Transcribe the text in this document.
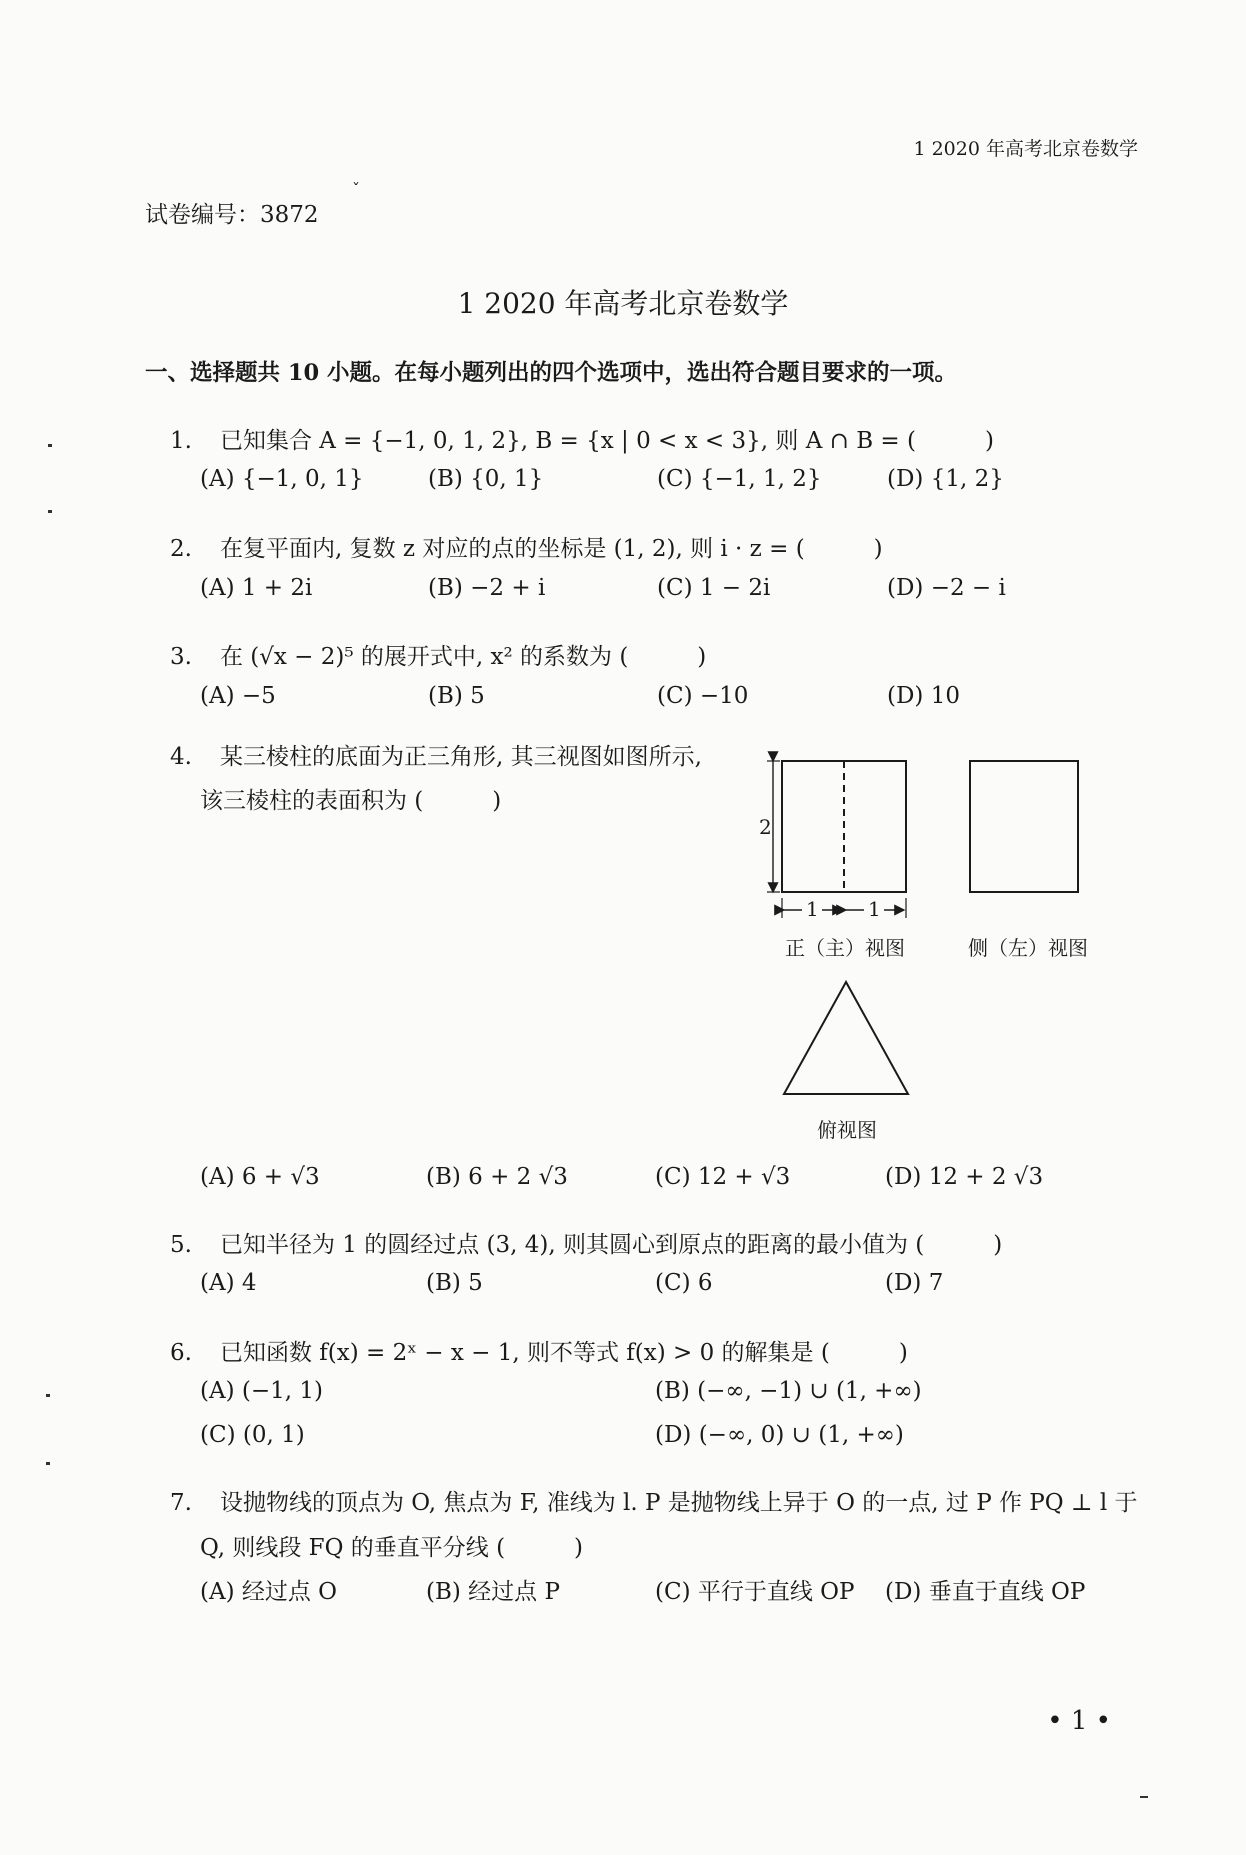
1 2020 年高考北京卷数学
试卷编号：3872
ˇ
1 2020 年高考北京卷数学
一、选择题共 10 小题。在每小题列出的四个选项中，选出符合题目要求的一项。
1. 已知集合 A = {−1, 0, 1, 2}, B = {x | 0 < x < 3}, 则 A ∩ B = (　　　)
(A) {−1, 0, 1}	(B) {0, 1}	(C) {−1, 1, 2}	(D) {1, 2}
2. 在复平面内, 复数 z 对应的点的坐标是 (1, 2), 则 i · z = (　　　)
(A) 1 + 2i	(B) −2 + i	(C) 1 − 2i	(D) −2 − i
3. 在 (√x − 2)⁵ 的展开式中, x² 的系数为 (　　　)
(A) −5	(B) 5	(C) −10	(D) 10
4. 某三棱柱的底面为正三角形, 其三视图如图所示,
该三棱柱的表面积为 (　　　)
2
1 1
正（主）视图	侧（左）视图
俯视图
(A) 6 + √3	(B) 6 + 2 √3	(C) 12 + √3	(D) 12 + 2 √3
5. 已知半径为 1 的圆经过点 (3, 4), 则其圆心到原点的距离的最小值为 (　　　)
(A) 4	(B) 5	(C) 6	(D) 7
6. 已知函数 f(x) = 2ˣ − x − 1, 则不等式 f(x) > 0 的解集是 (　　　)
(A) (−1, 1)	(B) (−∞, −1) ∪ (1, +∞)
(C) (0, 1)	(D) (−∞, 0) ∪ (1, +∞)
7. 设抛物线的顶点为 O, 焦点为 F, 准线为 l. P 是抛物线上异于 O 的一点, 过 P 作 PQ ⊥ l 于
Q, 则线段 FQ 的垂直平分线 (　　　)
(A) 经过点 O	(B) 经过点 P	(C) 平行于直线 OP (D) 垂直于直线 OP
• 1 •
